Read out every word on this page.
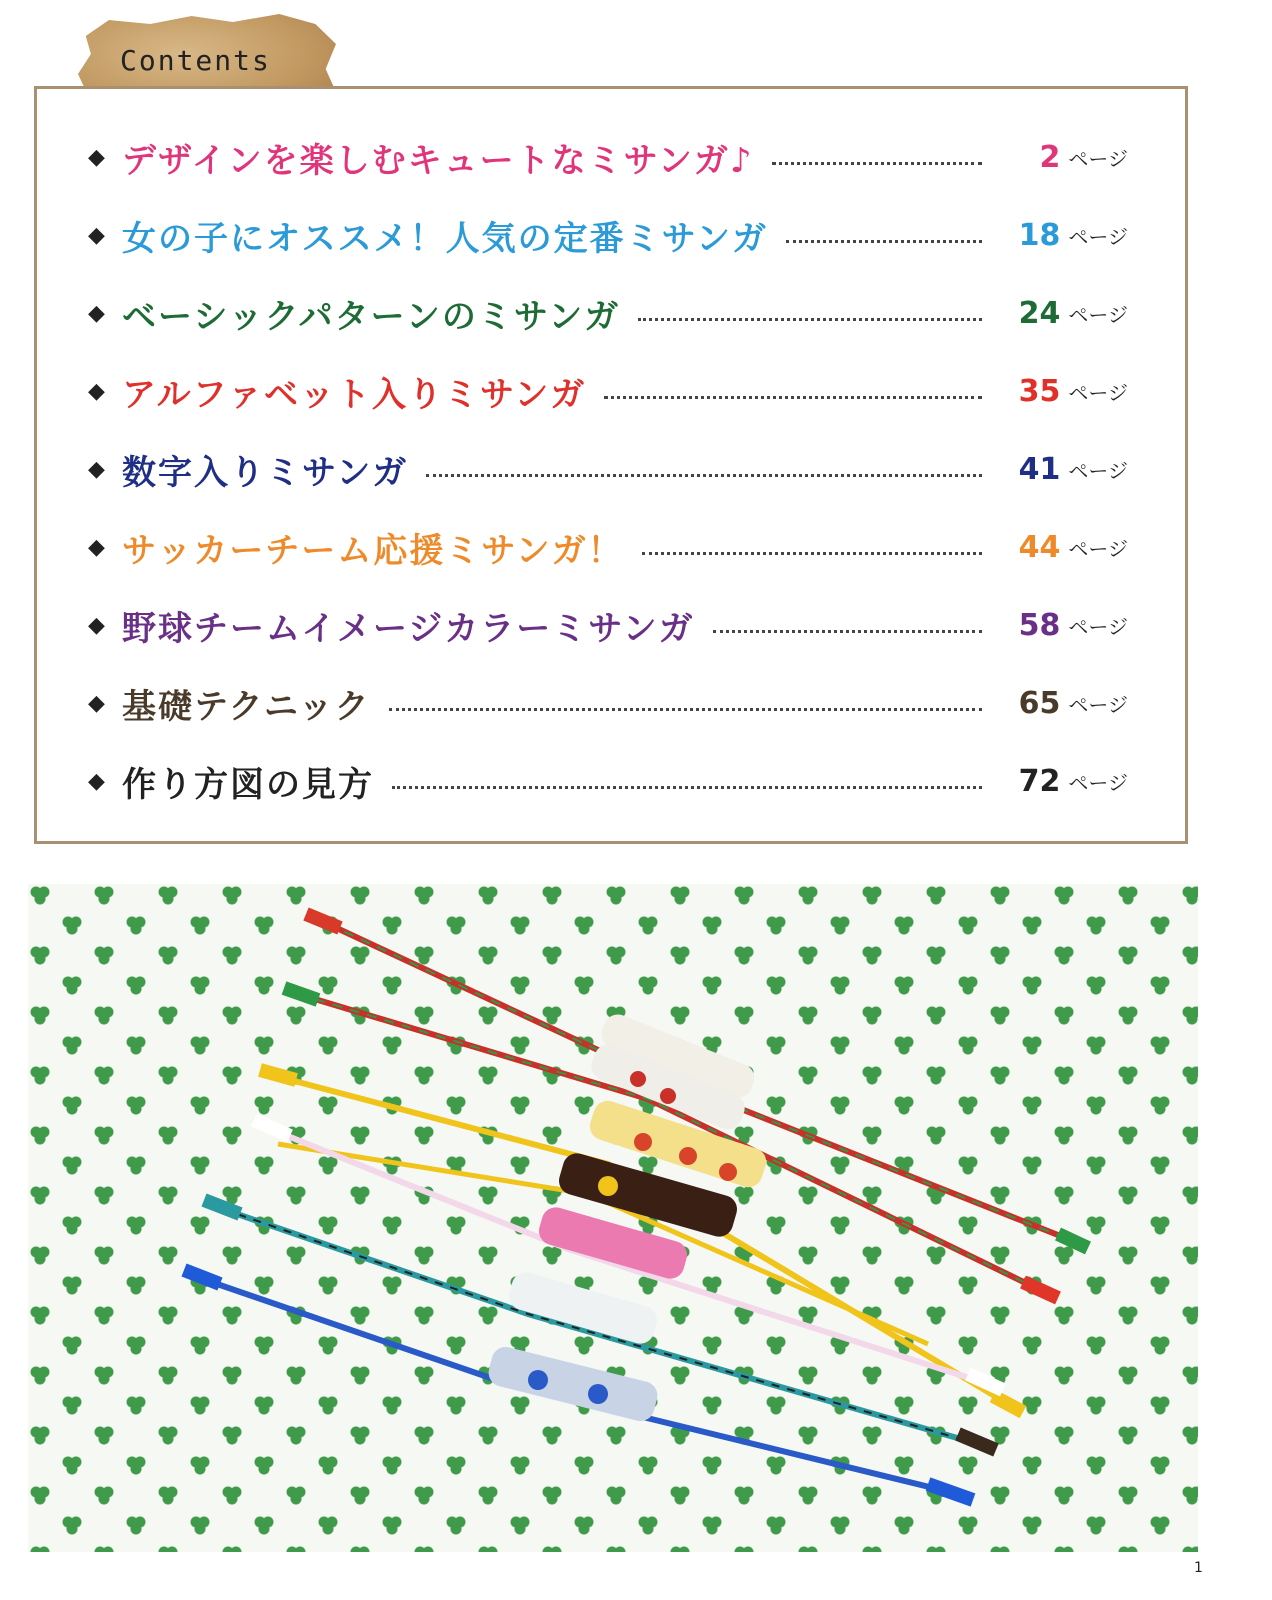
Contents
◆ デザインを楽しむキュートなミサンガ♪	2 ページ
◆ 女の子にオススメ！人気の定番ミサンガ	18 ページ
◆ ベーシックパターンのミサンガ	24 ページ
◆ アルファベット入りミサンガ	35 ページ
◆ 数字入りミサンガ	41 ページ
◆ サッカーチーム応援ミサンガ！	44 ページ
◆ 野球チームイメージカラーミサンガ	58 ページ
◆ 基礎テクニック	65 ページ
◆ 作り方図の見方	72 ページ
1
